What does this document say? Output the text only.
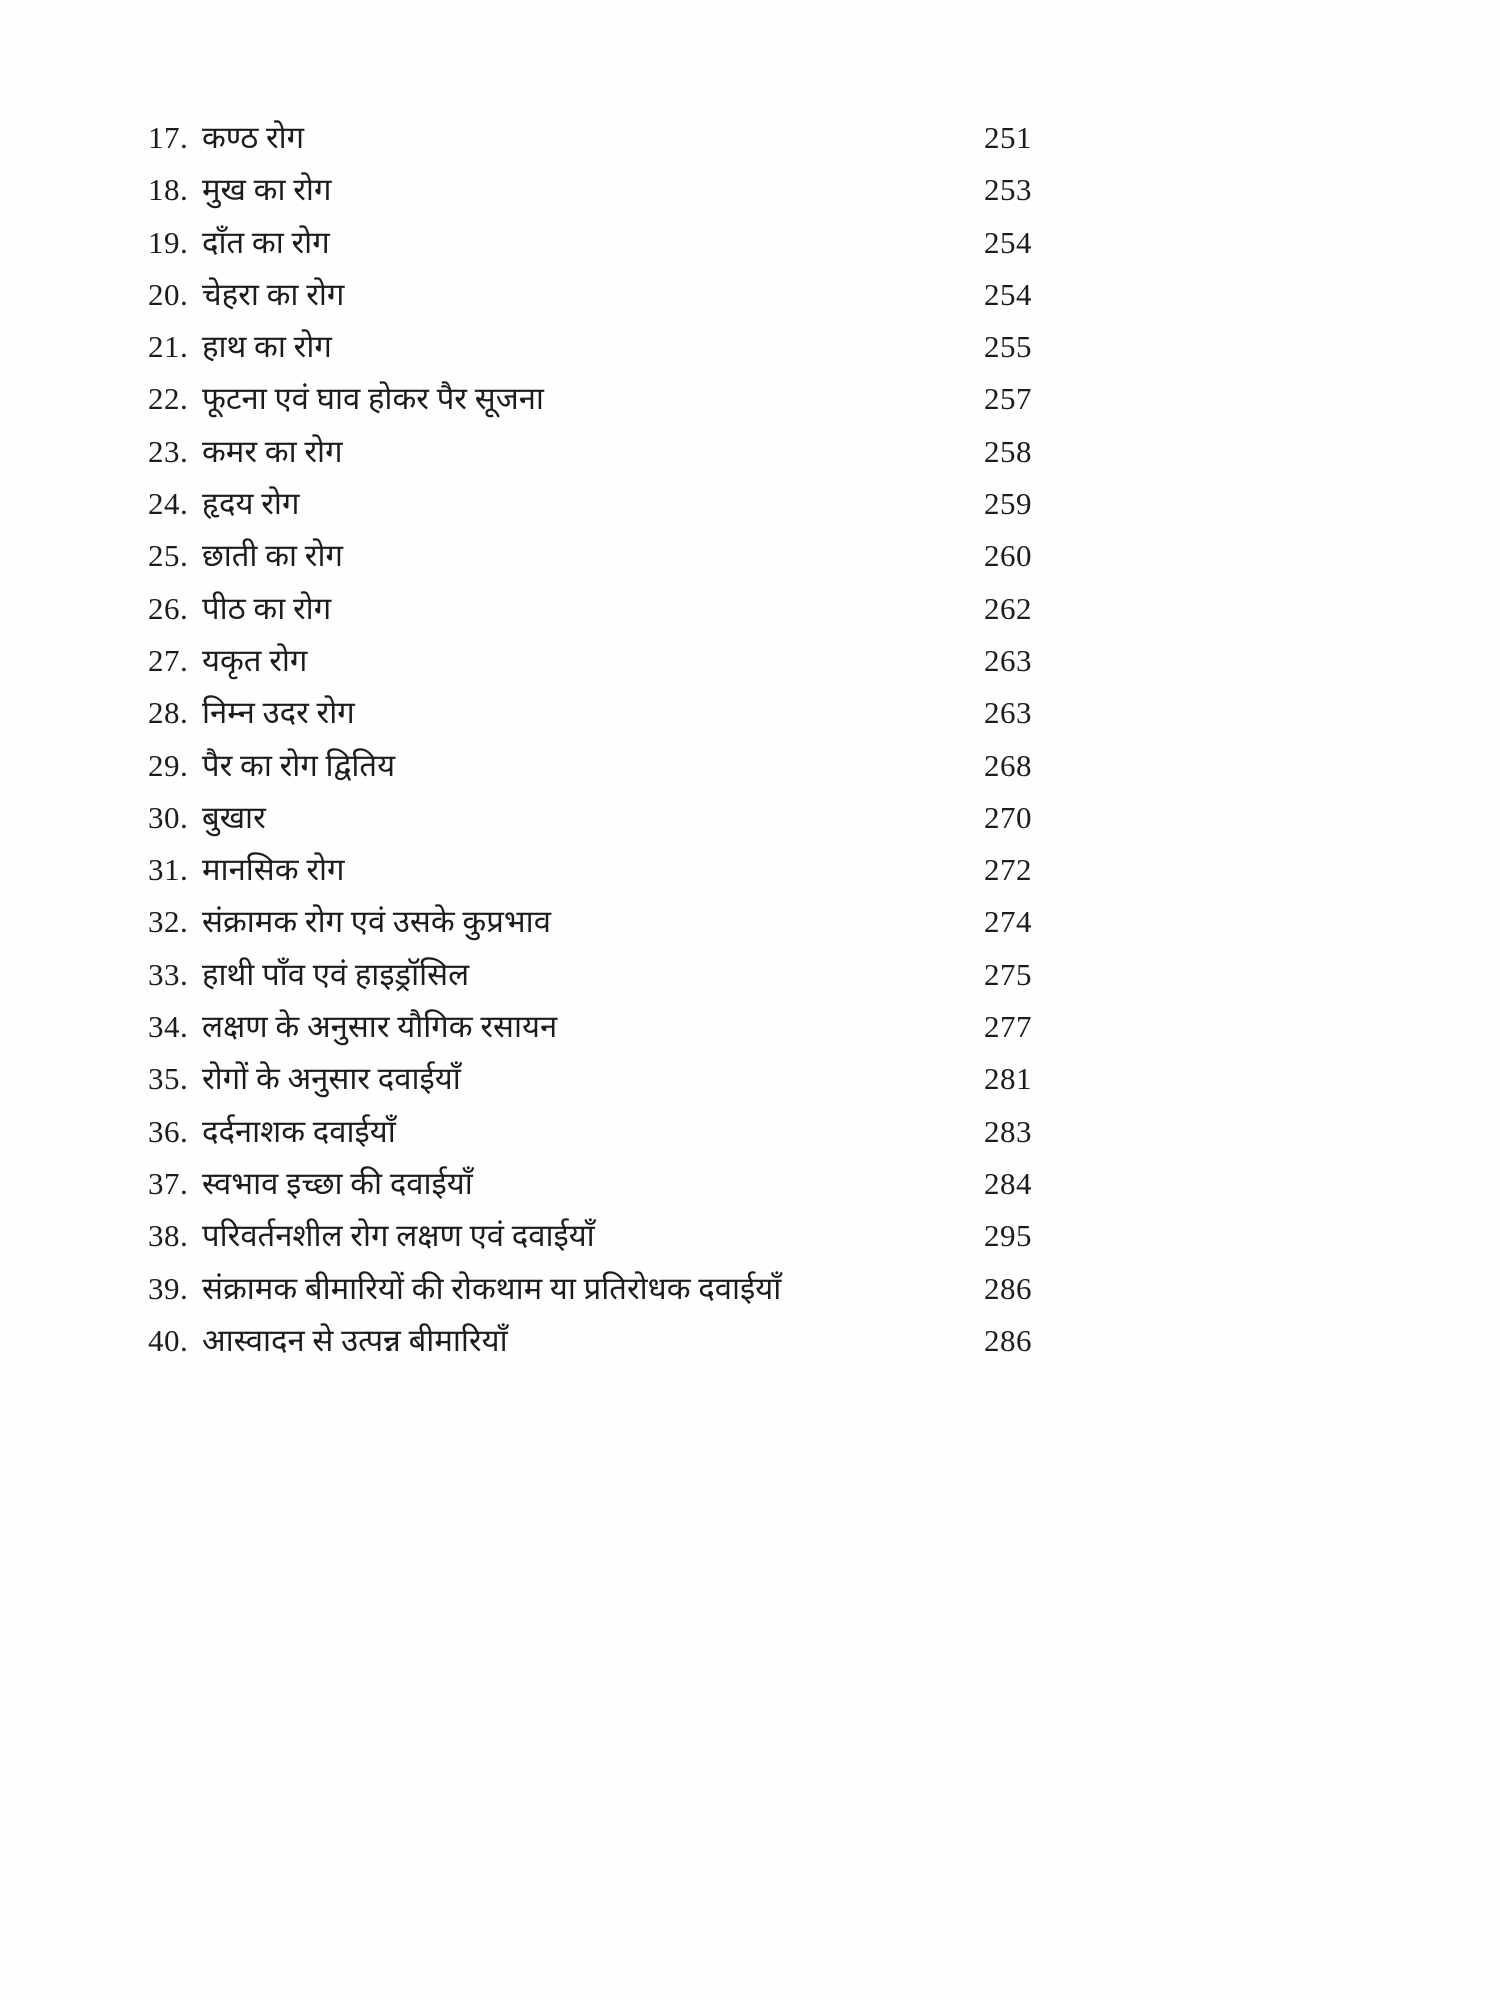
17. कण्ठ रोग	251
18. मुख का रोग	253
19. दाँत का रोग	254
20. चेहरा का रोग	254
21. हाथ का रोग	255
22. फूटना एवं घाव होकर पैर सूजना	257
23. कमर का रोग	258
24. हृदय रोग	259
25. छाती का रोग	260
26. पीठ का रोग	262
27. यकृत रोग	263
28. निम्न उदर रोग	263
29. पैर का रोग द्वितिय	268
30. बुखार	270
31. मानसिक रोग	272
32. संक्रामक रोग एवं उसके कुप्रभाव	274
33. हाथी पाँव एवं हाइड्रॉसिल	275
34. लक्षण के अनुसार यौगिक रसायन	277
35. रोगों के अनुसार दवाईयाँ	281
36. दर्दनाशक दवाईयाँ	283
37. स्वभाव इच्छा की दवाईयाँ	284
38. परिवर्तनशील रोग लक्षण एवं दवाईयाँ	295
39. संक्रामक बीमारियों की रोकथाम या प्रतिरोधक दवाईयाँ	286
40. आस्वादन से उत्पन्न बीमारियाँ	286
